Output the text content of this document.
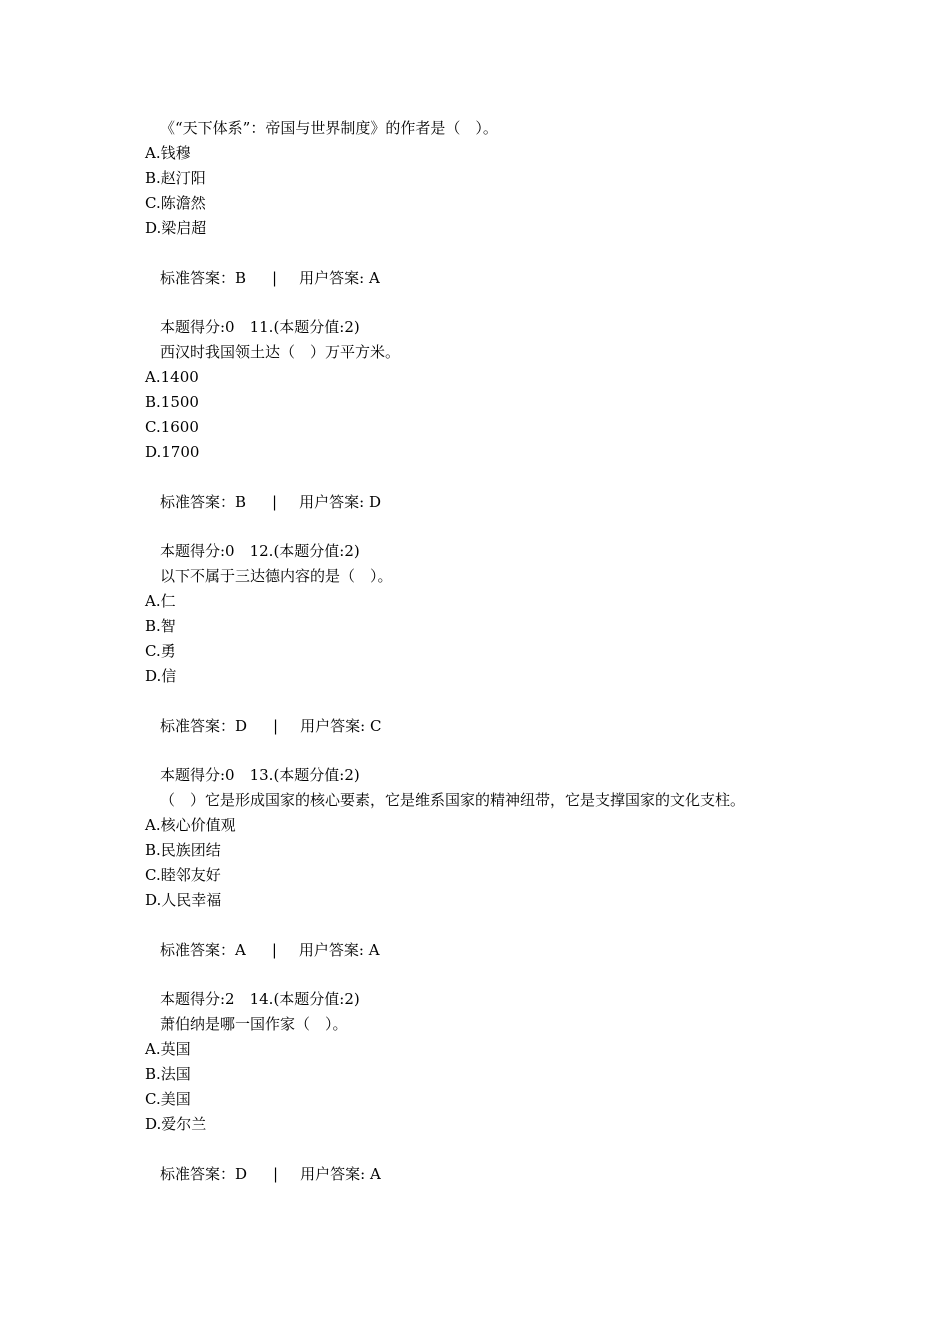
《“天下体系”：帝国与世界制度》的作者是（　）。
A.钱穆
B.赵汀阳
C.陈澹然
D.梁启超
标准答案：B | 用户答案: A
本题得分:0　11.(本题分值:2)
西汉时我国领土达（　）万平方米。
A.1400
B.1500
C.1600
D.1700
标准答案：B | 用户答案: D
本题得分:0　12.(本题分值:2)
以下不属于三达德内容的是（　）。
A.仁
B.智
C.勇
D.信
标准答案：D | 用户答案: C
本题得分:0　13.(本题分值:2)
（　）它是形成国家的核心要素，它是维系国家的精神纽带，它是支撑国家的文化支柱。
A.核心价值观
B.民族团结
C.睦邻友好
D.人民幸福
标准答案：A | 用户答案: A
本题得分:2　14.(本题分值:2)
萧伯纳是哪一国作家（　）。
A.英国
B.法国
C.美国
D.爱尔兰
标准答案：D | 用户答案: A
